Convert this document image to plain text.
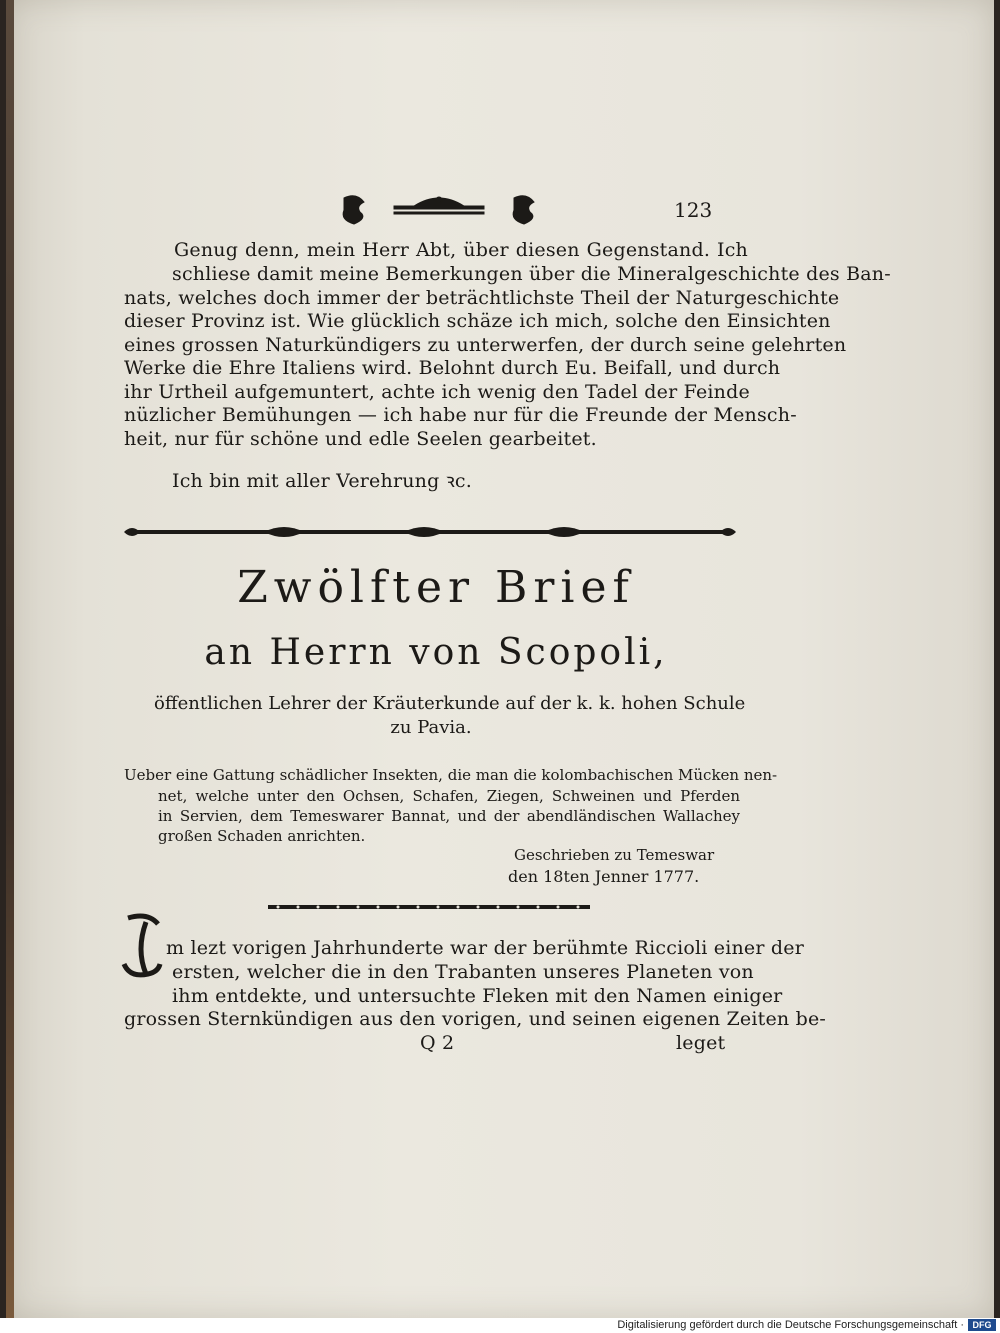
123
Genug denn, mein Herr Abt, über diesen Gegenstand. Ich
schliese damit meine Bemerkungen über die Mineralgeschichte des Ban-
nats, welches doch immer der beträchtlichste Theil der Naturgeschichte
dieser Provinz ist. Wie glücklich schäze ich mich, solche den Einsichten
eines grossen Naturkündigers zu unterwerfen, der durch seine gelehrten
Werke die Ehre Italiens wird. Belohnt durch Eu. Beifall, und durch
ihr Urtheil aufgemuntert, achte ich wenig den Tadel der Feinde
nüzlicher Bemühungen — ich habe nur für die Freunde der Mensch-
heit, nur für schöne und edle Seelen gearbeitet.
Ich bin mit aller Verehrung ꝛc.
Zwölfter Brief
an Herrn von Scopoli,
öffentlichen Lehrer der Kräuterkunde auf der k. k. hohen Schule
zu Pavia.
Ueber eine Gattung schädlicher Insekten, die man die kolombachischen Mücken nen-
net, welche unter den Ochsen, Schafen, Ziegen, Schweinen und Pferden
in Servien, dem Temeswarer Bannat, und der abendländischen Wallachey
großen Schaden anrichten.
Geschrieben zu Temeswar
den 18ten Jenner 1777.
m lezt vorigen Jahrhunderte war der berühmte Riccioli einer der
ersten, welcher die in den Trabanten unseres Planeten von
ihm entdekte, und untersuchte Fleken mit den Namen einiger
grossen Sternkündigen aus den vorigen, und seinen eigenen Zeiten be-
Q 2	leget
Digitalisierung gefördert durch die Deutsche Forschungsgemeinschaft · DFG
